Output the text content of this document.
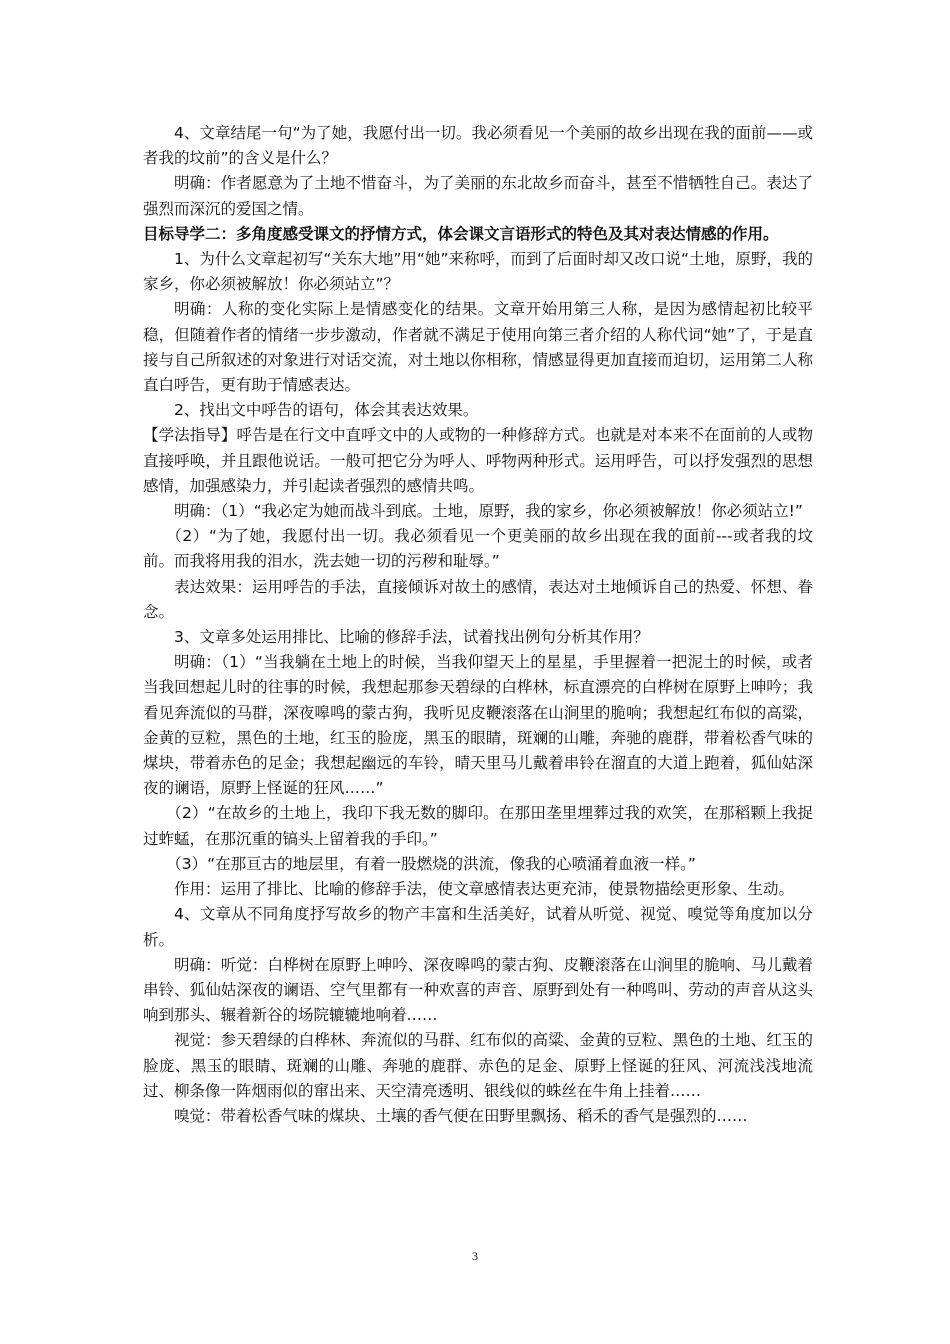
4、文章结尾一句“为了她，我愿付出一切。我必须看见一个美丽的故乡出现在我的面前——或者我的坟前”的含义是什么？

明确：作者愿意为了土地不惜奋斗，为了美丽的东北故乡而奋斗，甚至不惜牺牲自己。表达了强烈而深沉的爱国之情。

目标导学二：多角度感受课文的抒情方式，体会课文言语形式的特色及其对表达情感的作用。

1、为什么文章起初写“关东大地”用“她”来称呼，而到了后面时却又改口说“土地，原野，我的家乡，你必须被解放！你必须站立”？

明确：人称的变化实际上是情感变化的结果。文章开始用第三人称，是因为感情起初比较平稳，但随着作者的情绪一步步激动，作者就不满足于使用向第三者介绍的人称代词“她”了，于是直接与自己所叙述的对象进行对话交流，对土地以你相称，情感显得更加直接而迫切，运用第二人称直白呼告，更有助于情感表达。

2、找出文中呼告的语句，体会其表达效果。

【学法指导】呼告是在行文中直呼文中的人或物的一种修辞方式。也就是对本来不在面前的人或物直接呼唤，并且跟他说话。一般可把它分为呼人、呼物两种形式。运用呼告，可以抒发强烈的思想感情，加强感染力，并引起读者强烈的感情共鸣。

明确：（1）“我必定为她而战斗到底。土地，原野，我的家乡，你必须被解放！你必须站立!”

（2）“为了她，我愿付出一切。我必须看见一个更美丽的故乡出现在我的面前---或者我的坟前。而我将用我的泪水，洗去她一切的污秽和耻辱。”

表达效果：运用呼告的手法，直接倾诉对故土的感情，表达对土地倾诉自己的热爱、怀想、眷念。

3、文章多处运用排比、比喻的修辞手法，试着找出例句分析其作用？

明确：（1）“当我躺在土地上的时候，当我仰望天上的星星，手里握着一把泥土的时候，或者当我回想起儿时的往事的时候，我想起那参天碧绿的白桦林，标直漂亮的白桦树在原野上呻吟；我看见奔流似的马群，深夜嗥鸣的蒙古狗，我听见皮鞭滚落在山涧里的脆响；我想起红布似的高粱，金黄的豆粒，黑色的土地，红玉的脸庞，黑玉的眼睛，斑斓的山雕，奔驰的鹿群，带着松香气味的煤块，带着赤色的足金；我想起幽远的车铃，晴天里马儿戴着串铃在溜直的大道上跑着，狐仙姑深夜的谰语，原野上怪诞的狂风……”

（2）“在故乡的土地上，我印下我无数的脚印。在那田垄里埋葬过我的欢笑，在那稻颗上我捉过蚱蜢，在那沉重的镐头上留着我的手印。”

（3）“在那亘古的地层里，有着一股燃烧的洪流，像我的心喷涌着血液一样。”

作用：运用了排比、比喻的修辞手法，使文章感情表达更充沛，使景物描绘更形象、生动。

4、文章从不同角度抒写故乡的物产丰富和生活美好，试着从听觉、视觉、嗅觉等角度加以分析。

明确：听觉：白桦树在原野上呻吟、深夜嗥鸣的蒙古狗、皮鞭滚落在山涧里的脆响、马儿戴着串铃、狐仙姑深夜的谰语、空气里都有一种欢喜的声音、原野到处有一种鸣叫、劳动的声音从这头响到那头、辗着新谷的场院辘辘地响着……

视觉：参天碧绿的白桦林、奔流似的马群、红布似的高粱、金黄的豆粒、黑色的土地、红玉的脸庞、黑玉的眼睛、斑斓的山雕、奔驰的鹿群、赤色的足金、原野上怪诞的狂风、河流浅浅地流过、柳条像一阵烟雨似的窜出来、天空清亮透明、银线似的蛛丝在牛角上挂着……

嗅觉：带着松香气味的煤块、土壤的香气便在田野里飘扬、稻禾的香气是强烈的……

3
